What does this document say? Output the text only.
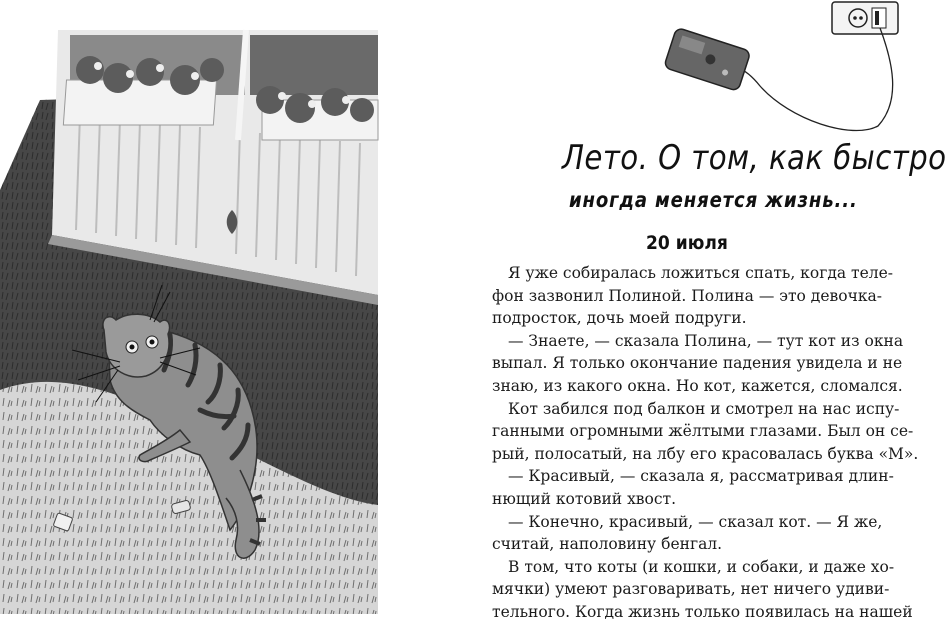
Лето. О том, как быстро
иногда меняется жизнь...
20 июля
Я уже собиралась ложиться спать, когда теле-
фон зазвонил Полиной. Полина — это девочка-
подросток, дочь моей подруги.
— Знаете, — сказала Полина, — тут кот из окна
выпал. Я только окончание падения увидела и не
знаю, из какого окна. Но кот, кажется, сломался.
Кот забился под балкон и смотрел на нас испу-
ганными огромными жёлтыми глазами. Был он се-
рый, полосатый, на лбу его красовалась буква «М».
— Красивый, — сказала я, рассматривая длин-
нющий котовий хвост.
— Конечно, красивый, — сказал кот. — Я же,
считай, наполовину бенгал.
В том, что коты (и кошки, и собаки, и даже хо-
мячки) умеют разговаривать, нет ничего удиви-
тельного. Когда жизнь только появилась на нашей
